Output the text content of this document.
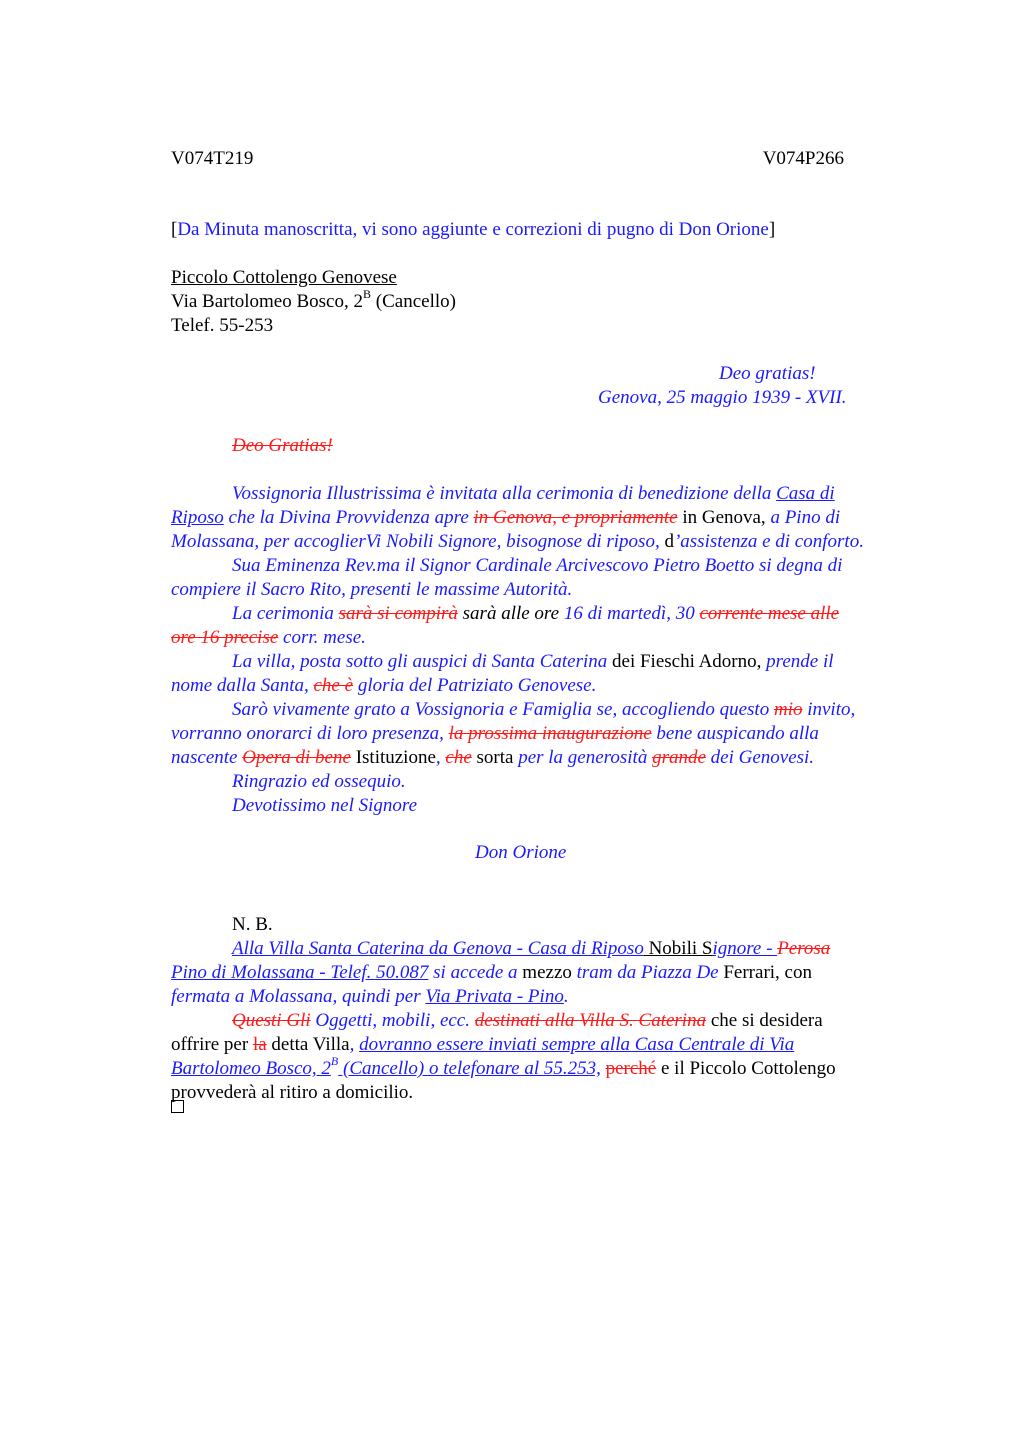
V074T219	V074P266
[Da Minuta manoscritta, vi sono aggiunte e correzioni di pugno di Don Orione]
Piccolo Cottolengo Genovese
Via Bartolomeo Bosco, $2^B$ (Cancello)
Telef. 55-253
Deo gratias!
Genova, 25 maggio 1939 - XVII.
Deo Gratias!
Vossignoria Illustrissima è invitata alla cerimonia di benedizione della Casa di
Riposo che la Divina Provvidenza apre in Genova, e propriamente in Genova, a Pino di
Molassana, per accoglierVi Nobili Signore, bisognose di riposo, d’assistenza e di conforto.
Sua Eminenza Rev.ma il Signor Cardinale Arcivescovo Pietro Boetto si degna di
compiere il Sacro Rito, presenti le massime Autorità.
La cerimonia sarà si compirà sarà alle ore 16 di martedì, 30 corrente mese alle
ore 16 precise corr. mese.
La villa, posta sotto gli auspici di Santa Caterina dei Fieschi Adorno, prende il
nome dalla Santa, che è gloria del Patriziato Genovese.
Sarò vivamente grato a Vossignoria e Famiglia se, accogliendo questo mio invito,
vorranno onorarci di loro presenza, la prossima inaugurazione bene auspicando alla
nascente Opera di bene Istituzione, che sorta per la generosità grande dei Genovesi.
Ringrazio ed ossequio.
Devotissimo nel Signore
Don Orione
N. B.
Alla Villa Santa Caterina da Genova - Casa di Riposo Nobili Signore - Perosa
Pino di Molassana - Telef. 50.087 si accede a mezzo tram da Piazza De Ferrari, con
fermata a Molassana, quindi per Via Privata - Pino.
Questi Gli Oggetti, mobili, ecc. destinati alla Villa S. Caterina che si desidera
offrire per la detta Villa, dovranno essere inviati sempre alla Casa Centrale di Via
Bartolomeo Bosco, $2^B$ (Cancello) o telefonare al 55.253, perché e il Piccolo Cottolengo
provvederà al ritiro a domicilio.
